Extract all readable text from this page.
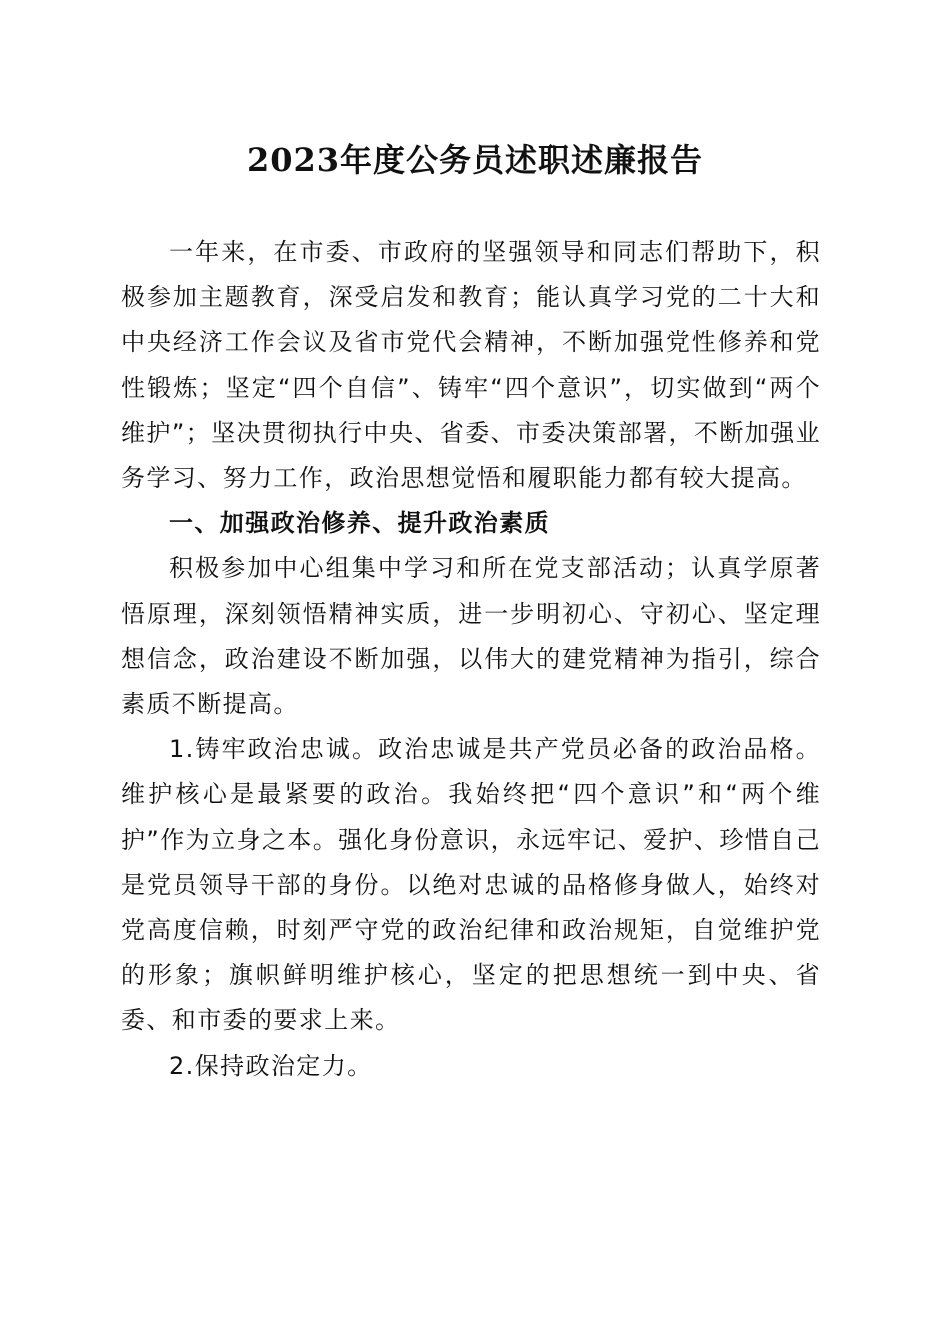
2023年度公务员述职述廉报告

一年来，在市委、市政府的坚强领导和同志们帮助下，积极参加主题教育，深受启发和教育；能认真学习党的二十大和中央经济工作会议及省市党代会精神，不断加强党性修养和党性锻炼；坚定“四个自信”、铸牢“四个意识”，切实做到“两个维护”；坚决贯彻执行中央、省委、市委决策部署，不断加强业务学习、努力工作，政治思想觉悟和履职能力都有较大提高。

一、加强政治修养、提升政治素质

积极参加中心组集中学习和所在党支部活动；认真学原著悟原理，深刻领悟精神实质，进一步明初心、守初心、坚定理想信念，政治建设不断加强，以伟大的建党精神为指引，综合素质不断提高。

1.铸牢政治忠诚。政治忠诚是共产党员必备的政治品格。维护核心是最紧要的政治。我始终把“四个意识”和“两个维护”作为立身之本。强化身份意识，永远牢记、爱护、珍惜自己是党员领导干部的身份。以绝对忠诚的品格修身做人，始终对党高度信赖，时刻严守党的政治纪律和政治规矩，自觉维护党的形象；旗帜鲜明维护核心，坚定的把思想统一到中央、省委、和市委的要求上来。

2.保持政治定力。
